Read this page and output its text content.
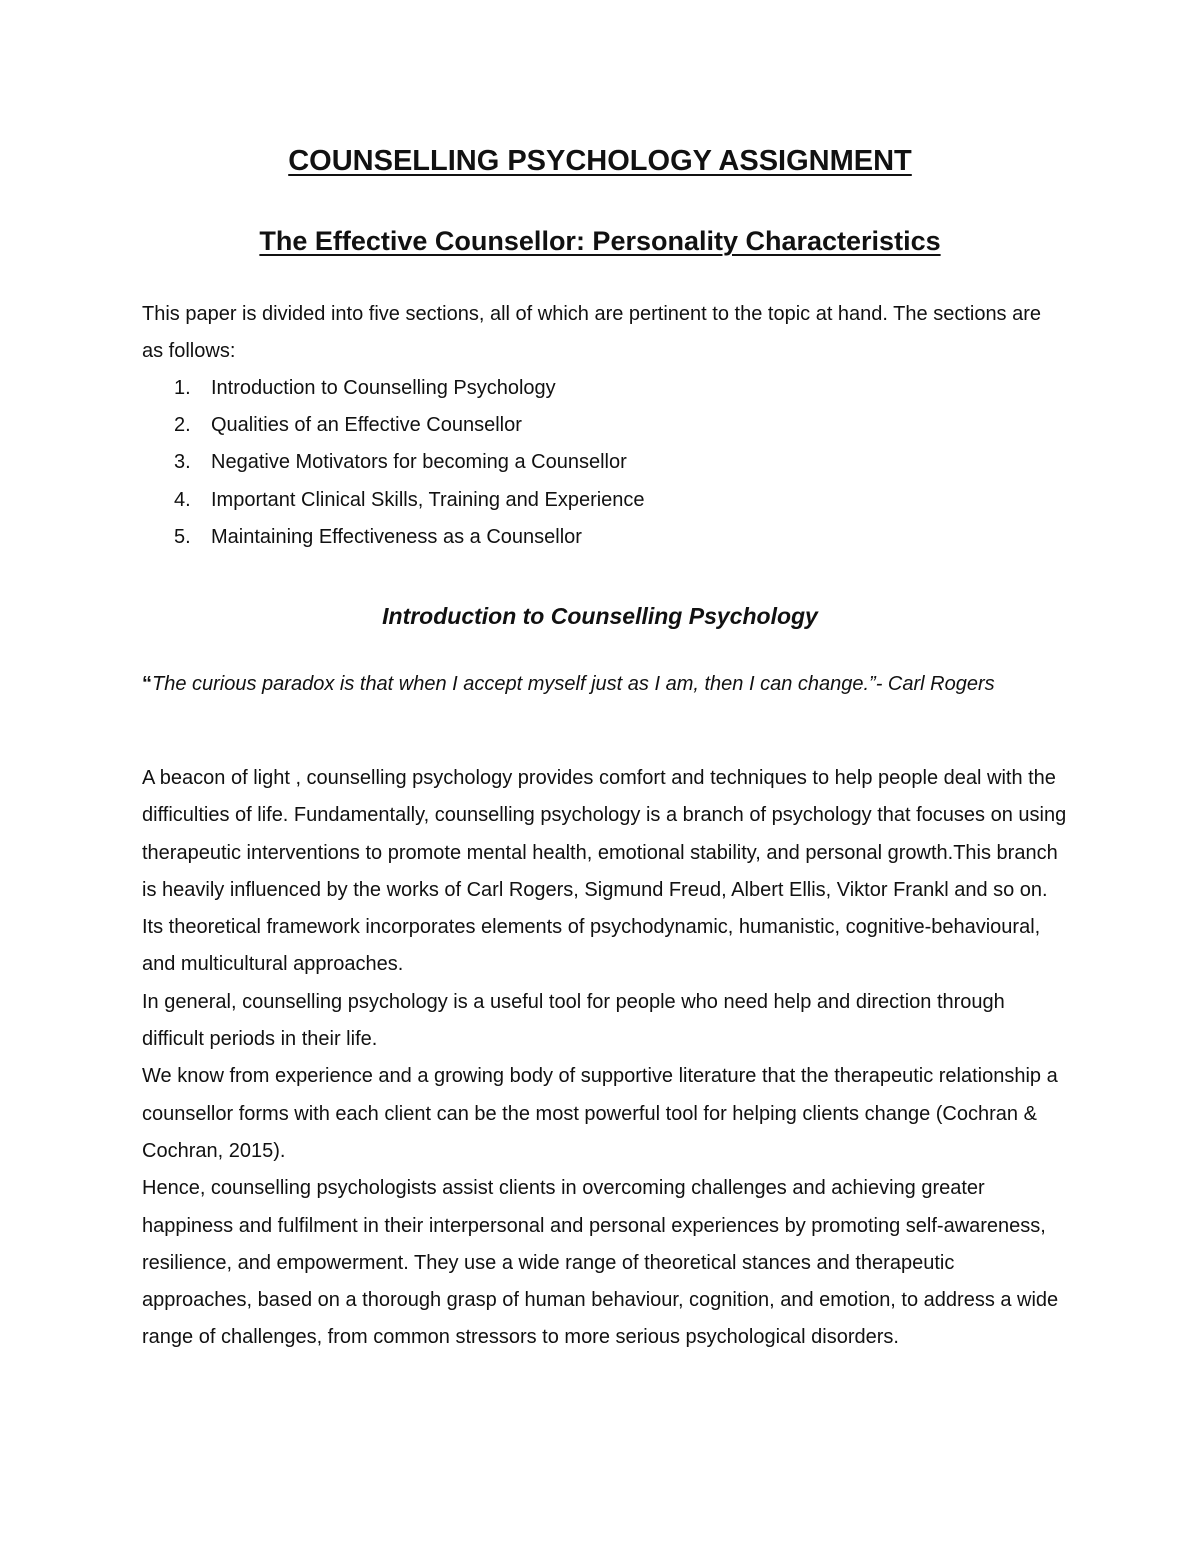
COUNSELLING PSYCHOLOGY ASSIGNMENT
The Effective Counsellor: Personality Characteristics

This paper is divided into five sections, all of which are pertinent to the topic at hand. The sections are as follows:

1.	Introduction to Counselling Psychology
2.	Qualities of an Effective Counsellor
3.	Negative Motivators for becoming a Counsellor
4.	Important Clinical Skills, Training and Experience
5.	Maintaining Effectiveness as a Counsellor
Introduction to Counselling Psychology

“The curious paradox is that when I accept myself just as I am, then I can change.”- Carl Rogers

A beacon of light , counselling psychology provides comfort and techniques to help people deal with the difficulties of life. Fundamentally, counselling psychology is a branch of psychology that focuses on using therapeutic interventions to promote mental health, emotional stability, and personal growth.This branch is heavily influenced by the works of Carl Rogers, Sigmund Freud, Albert Ellis, Viktor Frankl and so on. Its theoretical framework incorporates elements of psychodynamic, humanistic, cognitive-behavioural, and multicultural approaches.

In general, counselling psychology is a useful tool for people who need help and direction through difficult periods in their life.

We know from experience and a growing body of supportive literature that the therapeutic relationship a counsellor forms with each client can be the most powerful tool for helping clients change (Cochran & Cochran, 2015).

Hence, counselling psychologists assist clients in overcoming challenges and achieving greater happiness and fulfilment in their interpersonal and personal experiences by promoting self-awareness, resilience, and empowerment. They use a wide range of theoretical stances and therapeutic approaches, based on a thorough grasp of human behaviour, cognition, and emotion, to address a wide range of challenges, from common stressors to more serious psychological disorders.
